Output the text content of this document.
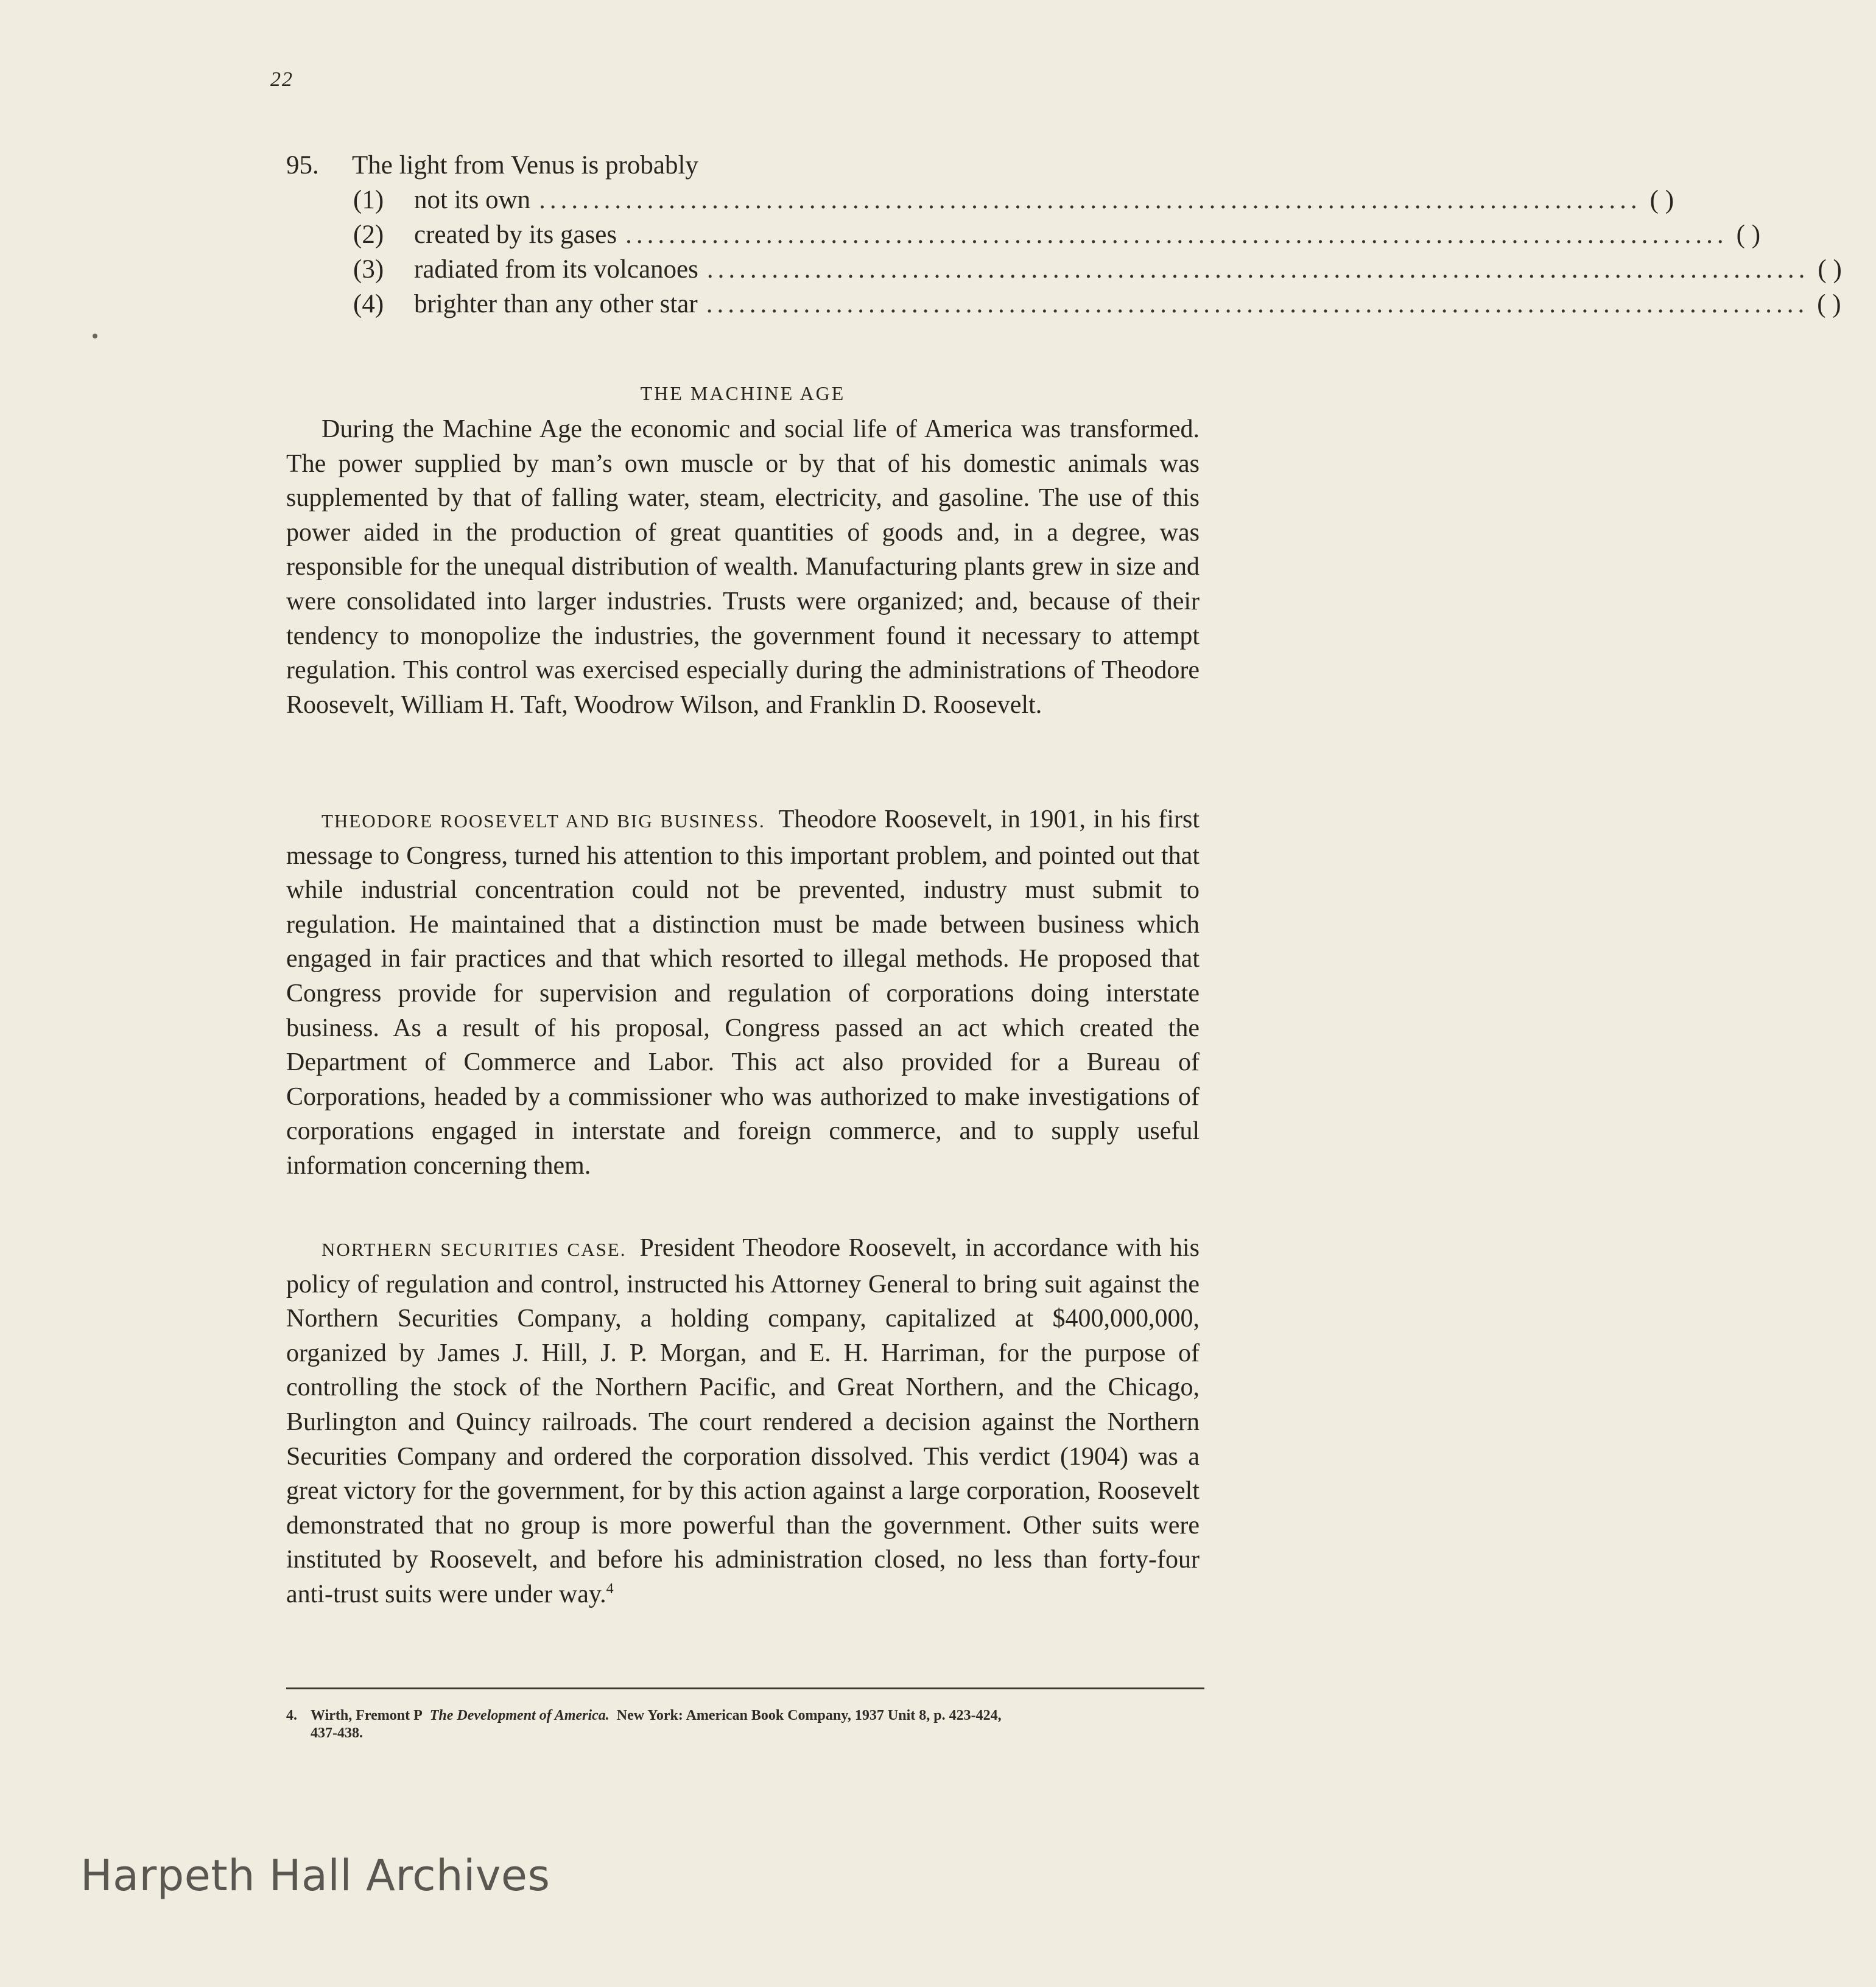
22
95. The light from Venus is probably
(1)	not its own ...................................................................................................... ( )
(2)	created by its gases ...................................................................................................... ( )
(3)	radiated from its volcanoes ...................................................................................................... ( )
(4)	brighter than any other star ...................................................................................................... ( )
THE MACHINE AGE

During the Machine Age the economic and social life of America was transformed. The power supplied by man’s own muscle or by that of his domestic animals was supplemented by that of falling water, steam, electricity, and gasoline. The use of this power aided in the production of great quantities of goods and, in a degree, was responsible for the unequal distribution of wealth. Manufacturing plants grew in size and were consolidated into larger industries. Trusts were organized; and, because of their tendency to monopolize the industries, the government found it necessary to attempt regulation. This control was exercised especially during the administrations of Theodore Roosevelt, William H. Taft, Woodrow Wilson, and Franklin D. Roosevelt.

THEODORE ROOSEVELT AND BIG BUSINESS. Theodore Roosevelt, in 1901, in his first message to Congress, turned his attention to this important problem, and pointed out that while industrial concentration could not be prevented, industry must submit to regulation. He maintained that a distinction must be made between business which engaged in fair practices and that which resorted to illegal methods. He proposed that Congress provide for supervision and regulation of corporations doing interstate business. As a result of his proposal, Congress passed an act which created the Department of Commerce and Labor. This act also provided for a Bureau of Corporations, headed by a commissioner who was authorized to make investigations of corporations engaged in interstate and foreign commerce, and to supply useful information concerning them.

NORTHERN SECURITIES CASE. President Theodore Roosevelt, in accordance with his policy of regulation and control, instructed his Attorney General to bring suit against the Northern Securities Company, a holding company, capitalized at $400,000,000, organized by James J. Hill, J. P. Morgan, and E. H. Harriman, for the purpose of controlling the stock of the Northern Pacific, and Great Northern, and the Chicago, Burlington and Quincy railroads. The court rendered a decision against the Northern Securities Company and ordered the corporation dissolved. This verdict (1904) was a great victory for the government, for by this action against a large corporation, Roosevelt demonstrated that no group is more powerful than the government. Other suits were instituted by Roosevelt, and before his administration closed, no less than forty-four anti-trust suits were under way.$^4$

4. Wirth, Fremont P The Development of America. New York: American Book Company, 1937 Unit 8, p. 423-424,
437-438.
Harpeth Hall Archives
